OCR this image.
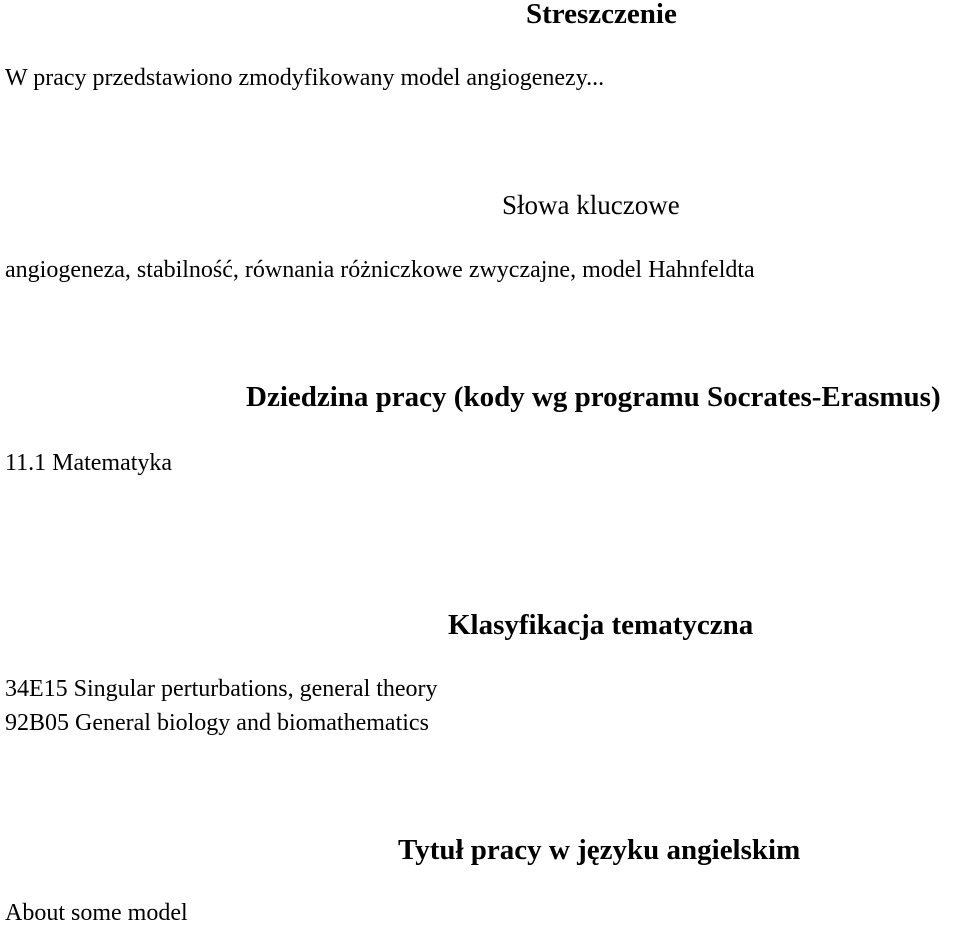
Streszczenie

W pracy przedstawiono zmodyfikowany model angiogenezy...

Słowa kluczowe

angiogeneza, stabilność, równania różniczkowe zwyczajne, model Hahnfeldta

Dziedzina pracy (kody wg programu Socrates-Erasmus)

11.1 Matematyka

Klasyfikacja tematyczna
34E15 Singular perturbations, general theory
92B05 General biology and biomathematics
Tytuł pracy w języku angielskim

About some model
